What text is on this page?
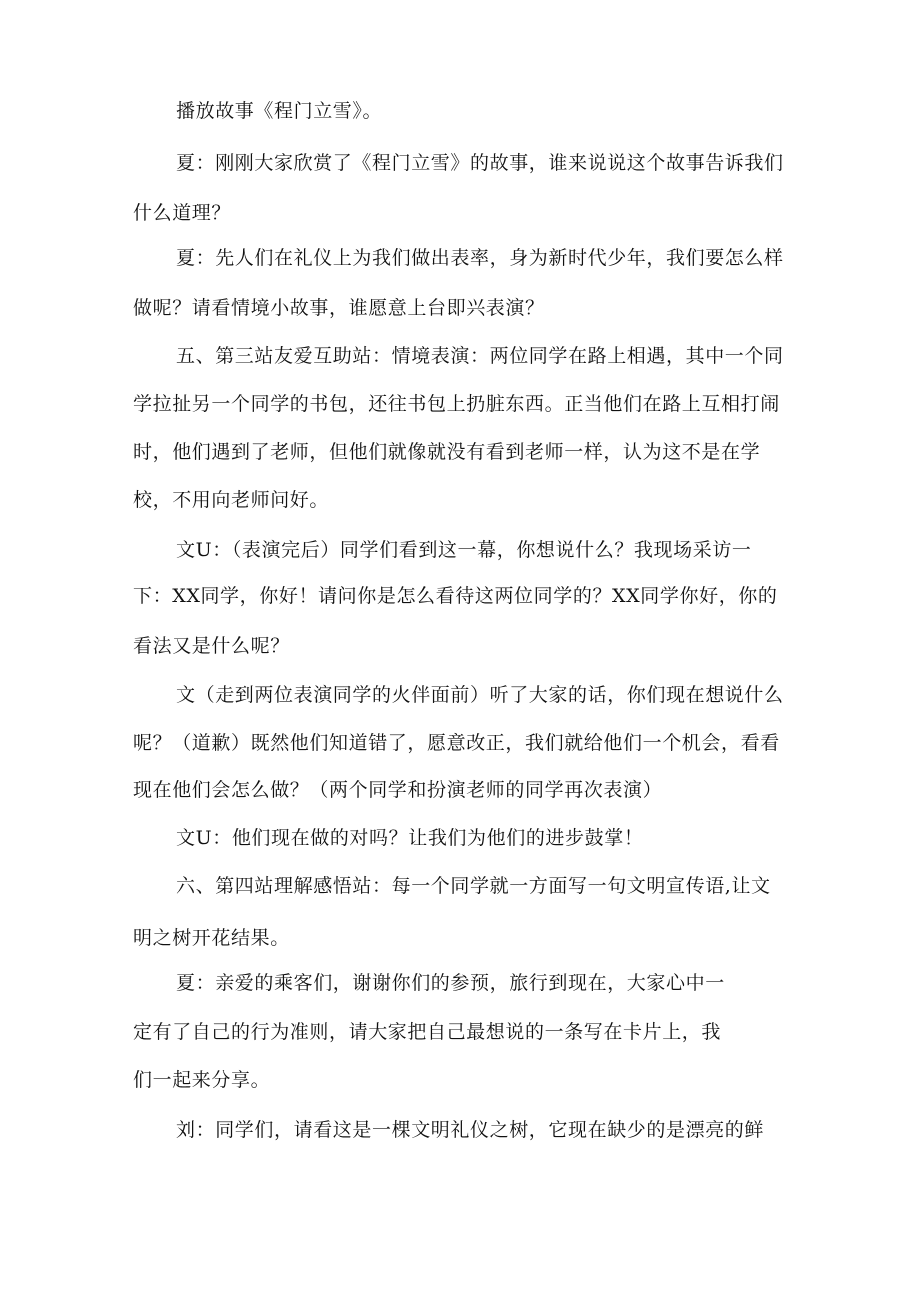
播放故事《程门立雪》。
夏：刚刚大家欣赏了《程门立雪》的故事，谁来说说这个故事告诉我们
什么道理？
夏：先人们在礼仪上为我们做出表率，身为新时代少年，我们要怎么样
做呢？请看情境小故事，谁愿意上台即兴表演？
五、第三站友爱互助站：情境表演：两位同学在路上相遇，其中一个同
学拉扯另一个同学的书包，还往书包上扔脏东西。正当他们在路上互相打闹
时，他们遇到了老师，但他们就像就没有看到老师一样，认为这不是在学
校，不用向老师问好。
文U：（表演完后）同学们看到这一幕，你想说什么？我现场采访一
下：XX同学，你好！请问你是怎么看待这两位同学的？XX同学你好，你的
看法又是什么呢？
文（走到两位表演同学的火伴面前）听了大家的话，你们现在想说什么
呢？（道歉）既然他们知道错了，愿意改正，我们就给他们一个机会，看看
现在他们会怎么做？（两个同学和扮演老师的同学再次表演）
文U：他们现在做的对吗？让我们为他们的进步鼓掌！
六、第四站理解感悟站：每一个同学就一方面写一句文明宣传语,让文
明之树开花结果。
夏：亲爱的乘客们，谢谢你们的参预，旅行到现在，大家心中一
定有了自己的行为准则，请大家把自己最想说的一条写在卡片上，我
们一起来分享。
刘：同学们，请看这是一棵文明礼仪之树，它现在缺少的是漂亮的鲜
